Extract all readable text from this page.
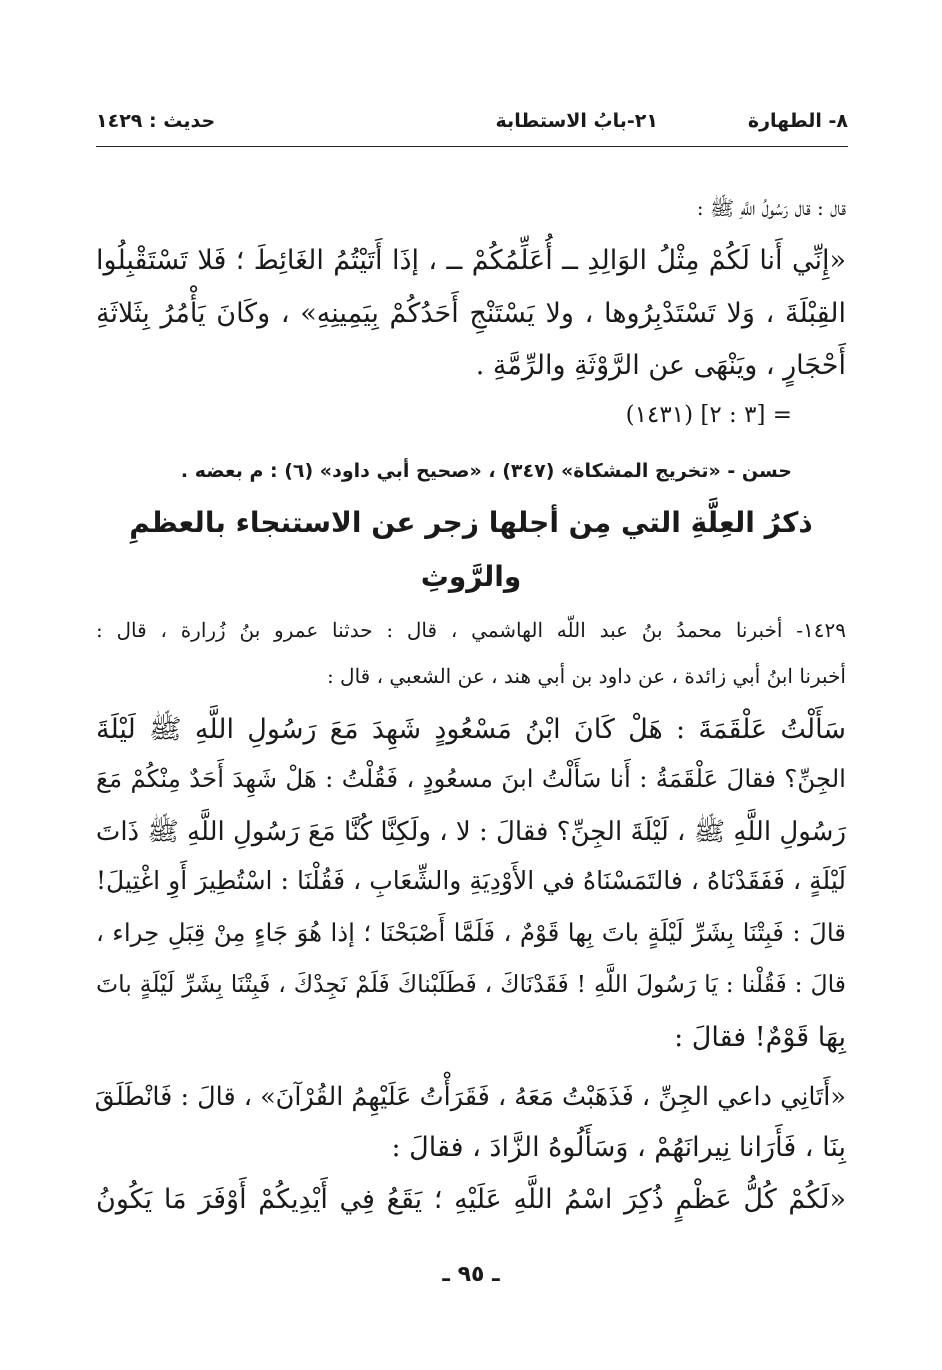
٨- الطهارة
٢١-بابُ الاستطابة
حديث : ١٤٢٩
قال : قال رَسُولُ اللَّهِ ﷺ :
«إِنِّي أَنا لَكُمْ مِثْلُ الوَالِدِ ــ أُعَلِّمُكُمْ ــ ، إذَا أَتَيْتُمُ الغَائِطَ ؛ فَلا تَسْتَقْبِلُوا
القِبْلَةَ ، وَلا تَسْتَدْبِرُوها ، ولا يَسْتَنْجِ أَحَدُكُمْ بِيَمِينِهِ» ، وكَانَ يَأْمُرُ بِثَلاثَةِ
أَحْجَارٍ ، ويَنْهَى عن الرَّوْثَةِ والرِّمَّةِ .
= [٣ : ٢] (١٤٣١)
حسن - «تخريج المشكاة» (٣٤٧) ، «صحيح أبي داود» (٦) : م بعضه .
ذكرُ العِلَّةِ التي مِن أجلها زجر عن الاستنجاء بالعظمِ
والرَّوثِ
١٤٢٩- أخبرنا محمدُ بنُ عبد اللّه الهاشمي ، قال : حدثنا عمرو بنُ زُرارة ، قال :
أخبرنا ابنُ أبي زائدة ، عن داود بن أبي هند ، عن الشعبي ، قال :
سَأَلْتُ عَلْقَمَةَ : هَلْ كَانَ ابْنُ مَسْعُودٍ شَهِدَ مَعَ رَسُولِ اللَّهِ ﷺ لَيْلَةَ
الجِنِّ؟ فقالَ عَلْقَمَةُ : أَنا سَأَلْتُ ابنَ مسعُودٍ ، فَقُلْتُ : هَلْ شَهِدَ أَحَدٌ مِنْكُمْ مَعَ
رَسُولِ اللَّهِ ﷺ ، لَيْلَةَ الجِنِّ؟ فقالَ : لا ، ولَكِنَّا كُنَّا مَعَ رَسُولِ اللَّهِ ﷺ ذَاتَ
لَيْلَةٍ ، فَفَقَدْنَاهُ ، فالتَمَسْنَاهُ في الأَوْدِيَةِ والشِّعَابِ ، فَقُلْنَا : اسْتُطِيرَ أَوِ اغْتِيلَ!
قالَ : فَبِتْنَا بِشَرِّ لَيْلَةٍ باتَ بِها قَوْمٌ ، فَلَمَّا أَصْبَحْنَا ؛ إذا هُوَ جَاءٍ مِنْ قِبَلِ حِراء ،
قالَ : فَقُلْنا : يَا رَسُولَ اللَّهِ ! فَقَدْنَاكَ ، فَطَلَبْناكَ فَلَمْ نَجِدْكَ ، فَبِتْنَا بِشَرِّ لَيْلَةٍ باتَ
بِهَا قَوْمٌ! فقالَ :
«أَتَانِي داعي الجِنِّ ، فَذَهَبْتُ مَعَهُ ، فَقَرَأْتُ عَلَيْهِمُ القُرْآنَ» ، قالَ : فَانْطَلَقَ
بِنَا ، فَأَرَانا نِيرانَهُمْ ، وَسَأَلُوهُ الزَّادَ ، فقالَ :
«لَكُمْ كُلُّ عَظْمٍ ذُكِرَ اسْمُ اللَّهِ عَلَيْهِ ؛ يَقَعُ فِي أَيْدِيكُمْ أَوْفَرَ مَا يَكُونُ
ـ ٩٥ ـ
